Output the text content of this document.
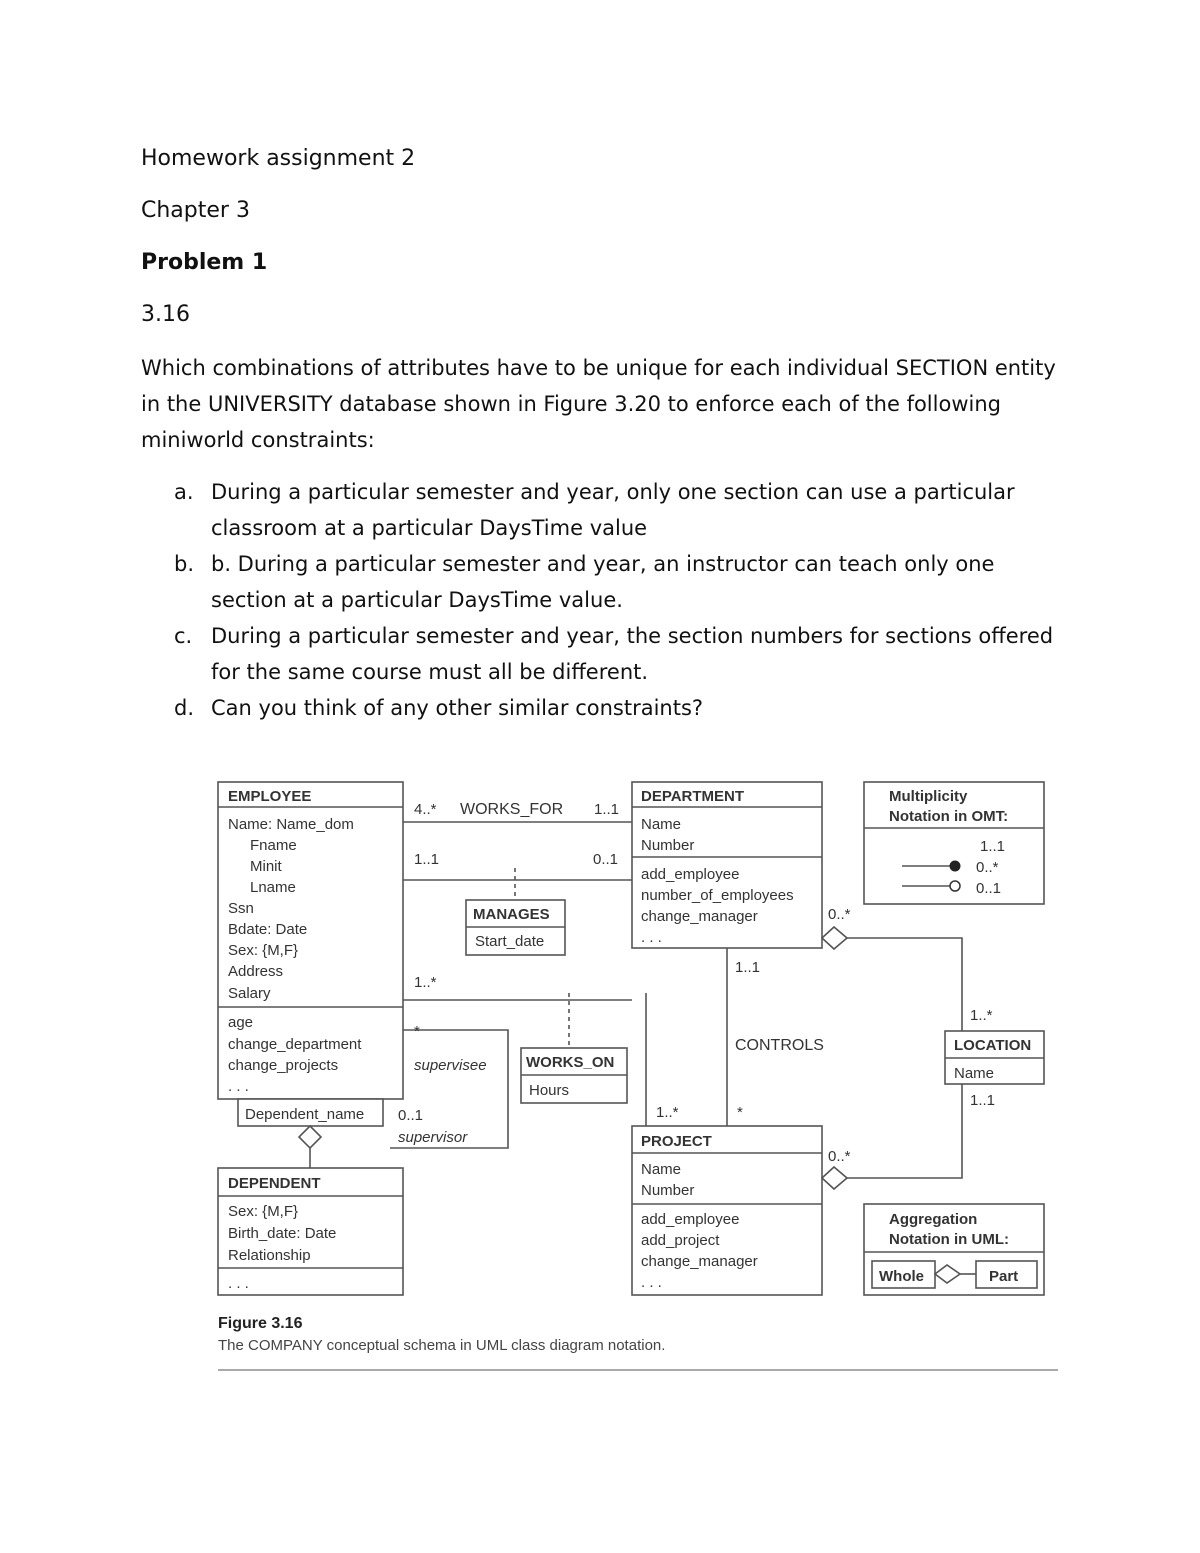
Homework assignment 2
Chapter 3
Problem 1
3.16
Which combinations of attributes have to be unique for each individual SECTION entity in the UNIVERSITY database shown in Figure 3.20 to enforce each of the following miniworld constraints:
a. During a particular semester and year, only one section can use a particular classroom at a particular DaysTime value
b. b. During a particular semester and year, an instructor can teach only one section at a particular DaysTime value.
c. During a particular semester and year, the section numbers for sections offered for the same course must all be different.
d. Can you think of any other similar constraints?
EMPLOYEE
Name: Name_dom
Fname
Minit
Lname
Ssn
Bdate: Date
Sex: {M,F}
Address
Salary
age
change_department
change_projects
. . .
Dependent_name
DEPENDENT
Sex: {M,F}
Birth_date: Date
Relationship
. . .
DEPARTMENT
Name
Number
add_employee
number_of_employees
change_manager
. . .
PROJECT
Name
Number
add_employee
add_project
change_manager
. . .
MANAGES
Start_date
WORKS_ON
Hours
LOCATION
Name
WORKS_FOR
4..*	1..1
1..1	0..1
1..*
*
supervisee
0..1
supervisor
CONTROLS
1..1
1..*	*
0..*
0..*
1..*
1..1
Multiplicity
Notation in OMT:
1..1
0..*
0..1
Aggregation
Notation in UML:
Whole	Part
Figure 3.16
The COMPANY conceptual schema in UML class diagram notation.
